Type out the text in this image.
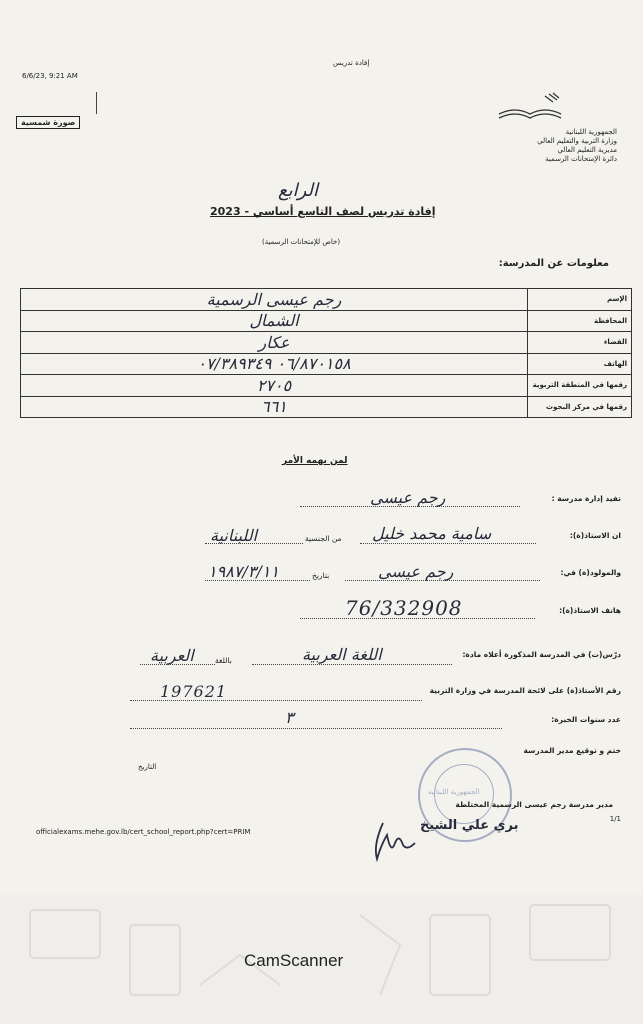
6/6/23, 9:21 AM
إفادة تدريس
صورة شمسية
الجمهورية اللبنانية
وزارة التربية والتعليم العالي
مديرية التعليم العالي
دائرة الإمتحانات الرسمية
الرابع
إفادة تدريس لصف التاسع أساسي - 2023
(خاص للإمتحانات الرسمية)
معلومات عن المدرسة:
رجم عيسى الرسمية	الإسم
الشمال	المحافظة
عكار	القضاء
٠٦/٨٧٠١٥٨ ٠٧/٣٨٩٣٤٩	الهاتف
٢٧٠٥	رقمها في المنطقة التربوية
٦٦١	رقمها في مركز البحوث
لمن يهمه الأمر
تفيد إدارة مدرسة :
رجم عيسى
ان الاستاذ(ة):
سامية محمد خليل
من الجنسية
اللبنانية
والمولود(ة) في:
رجم عيسى
بتاريخ
١٩٨٧/٣/١١
هاتف الاستاذ(ة):
76/332908
درّس(ت) في المدرسة المذكورة أعلاه مادة:
اللغة العربية
باللغة
العربية
رقم الأستاذ(ة) على لائحة المدرسة في وزارة التربية
197621
عدد سنوات الخبرة:
٣
ختم و توقيع مدير المدرسة
التاريخ
الجمهورية اللبنانية
مدير مدرسة رجم عيسى الرسمية المختلطة
1/1
بري علي الشيخ
officialexams.mehe.gov.lb/cert_school_report.php?cert=PRIM
CamScanner
